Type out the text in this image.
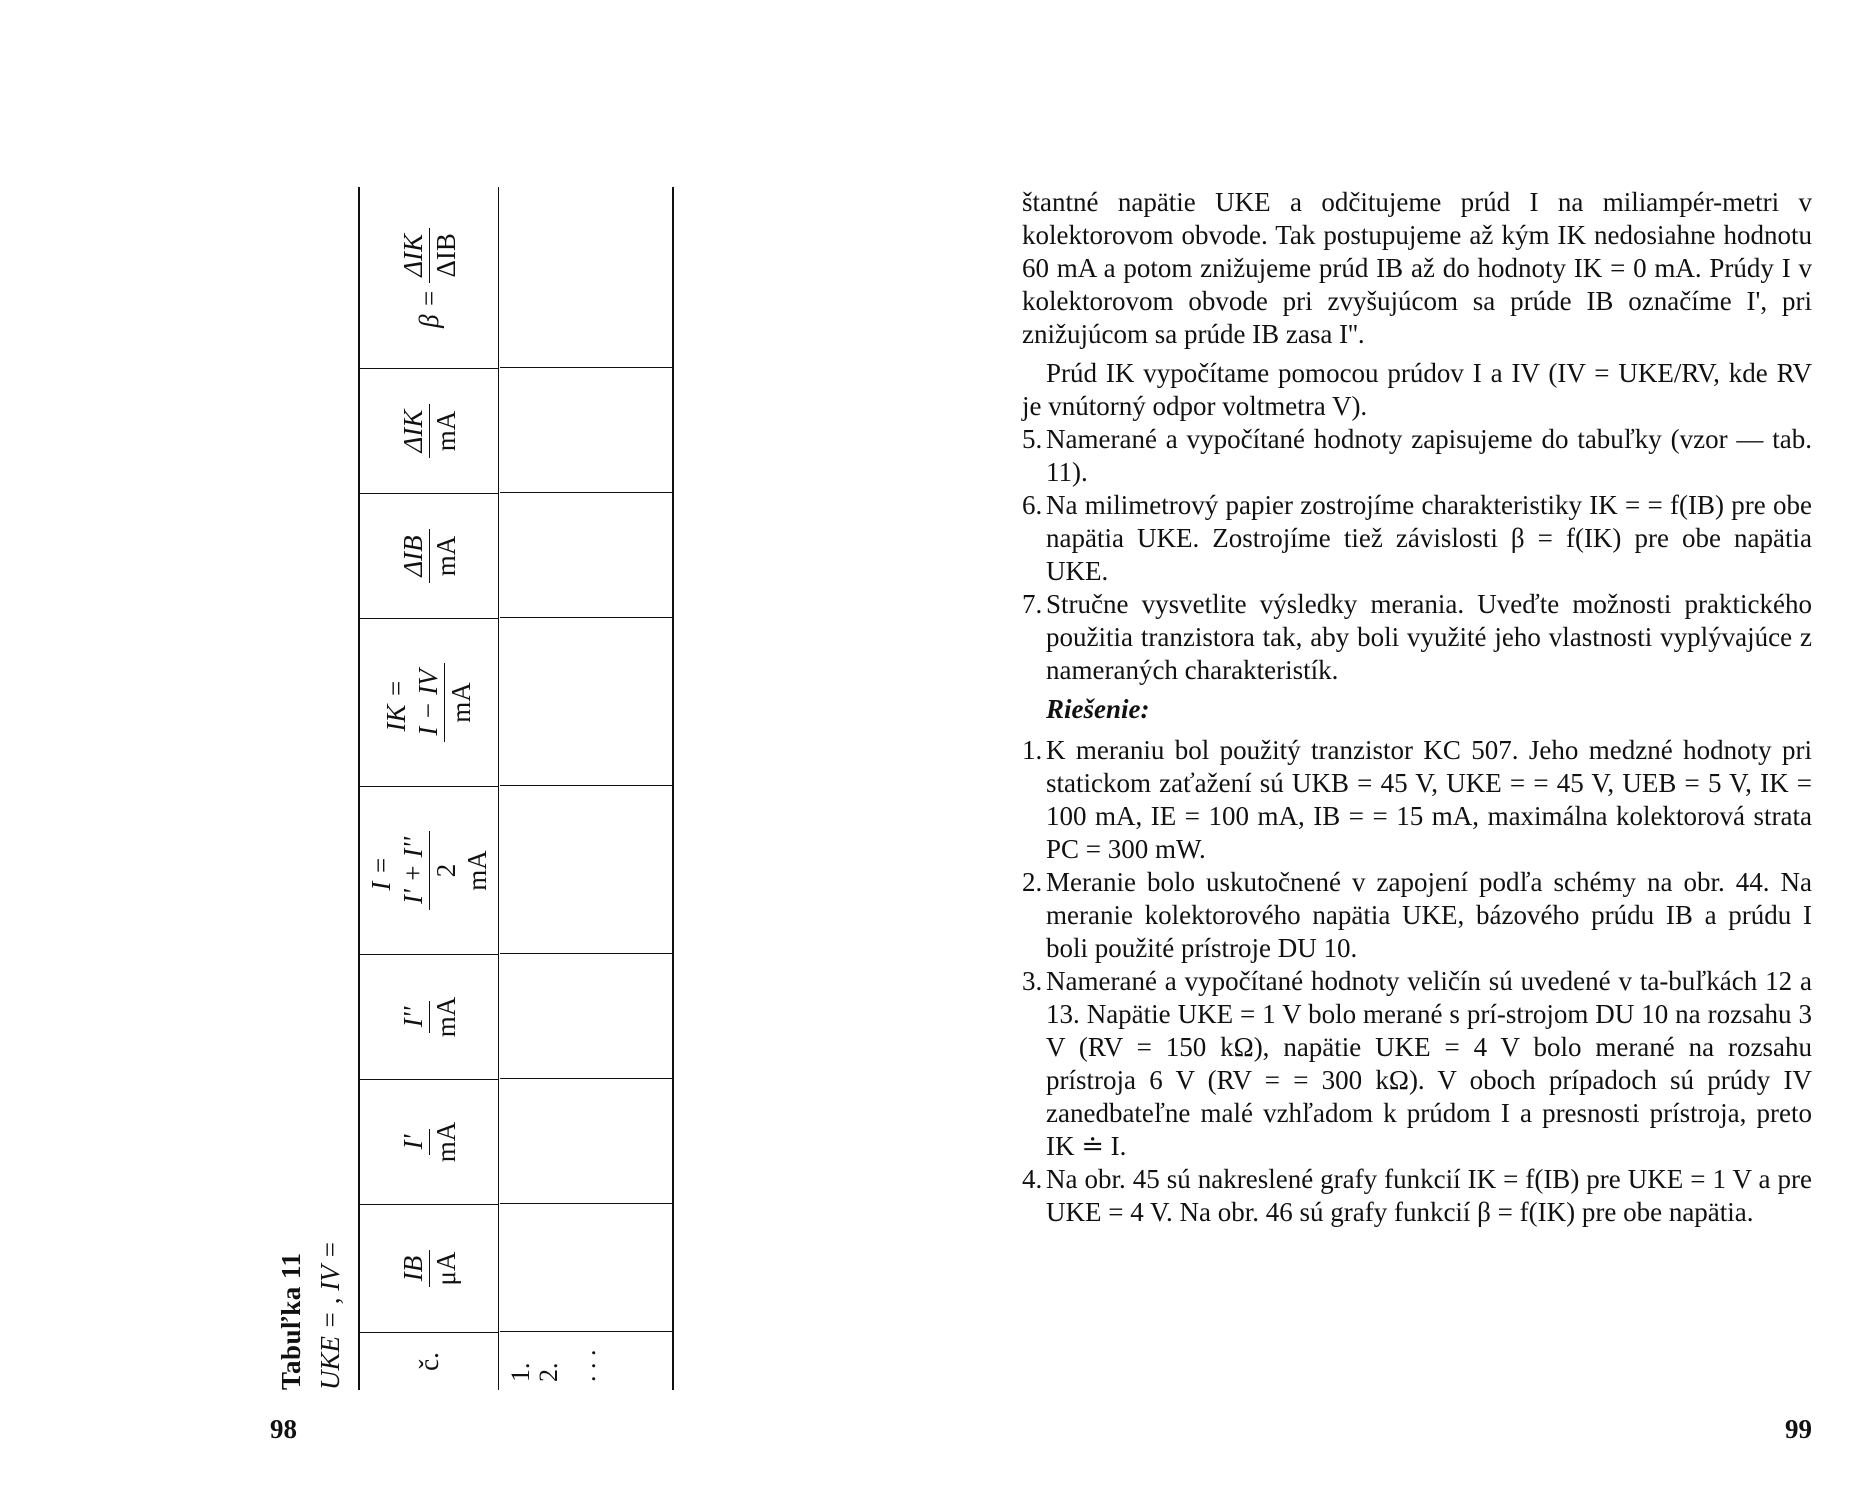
Tabuľka 11 UKE = , IV =	č.
IB μA
I' mA
I'' mA
I = I' + I'' 2 mA
IK = I − IV mA
ΔIB mA
ΔIK mA
β =
ΔIK ΔIB
1. 2. . . .
98

štantné napätie UKE a odčitujeme prúd I na miliampér-metri v kolektorovom obvode. Tak postupujeme až kým IK nedosiahne hodnotu 60 mA a potom znižujeme prúd IB až do hodnoty IK = 0 mA. Prúdy I v kolektorovom obvode pri zvyšujúcom sa prúde IB označíme I', pri znižujúcom sa prúde IB zasa I''.

Prúd IK vypočítame pomocou prúdov I a IV (IV = UKE/RV, kde RV je vnútorný odpor voltmetra V).

5. Namerané a vypočítané hodnoty zapisujeme do tabuľky (vzor — tab. 11).
6. Na milimetrový papier zostrojíme charakteristiky IK = = f(IB) pre obe napätia UKE. Zostrojíme tiež závislosti β = f(IK) pre obe napätia UKE.
7. Stručne vysvetlite výsledky merania. Uveďte možnosti praktického použitia tranzistora tak, aby boli využité jeho vlastnosti vyplývajúce z nameraných charakteristík.

Riešenie:

1. K meraniu bol použitý tranzistor KC 507. Jeho medzné hodnoty pri statickom zaťažení sú UKB = 45 V, UKE = = 45 V, UEB = 5 V, IK = 100 mA, IE = 100 mA, IB = = 15 mA, maximálna kolektorová strata PC = 300 mW.
2. Meranie bolo uskutočnené v zapojení podľa schémy na obr. 44. Na meranie kolektorového napätia UKE, bázového prúdu IB a prúdu I boli použité prístroje DU 10.
3. Namerané a vypočítané hodnoty veličín sú uvedené v ta-buľkách 12 a 13. Napätie UKE = 1 V bolo merané s prí-strojom DU 10 na rozsahu 3 V (RV = 150 kΩ), napätie UKE = 4 V bolo merané na rozsahu prístroja 6 V (RV = = 300 kΩ). V oboch prípadoch sú prúdy IV zanedbateľne malé vzhľadom k prúdom I a presnosti prístroja, preto IK ≐ I.
4. Na obr. 45 sú nakreslené grafy funkcií IK = f(IB) pre UKE = 1 V a pre UKE = 4 V. Na obr. 46 sú grafy funkcií β = f(IK) pre obe napätia.
99
